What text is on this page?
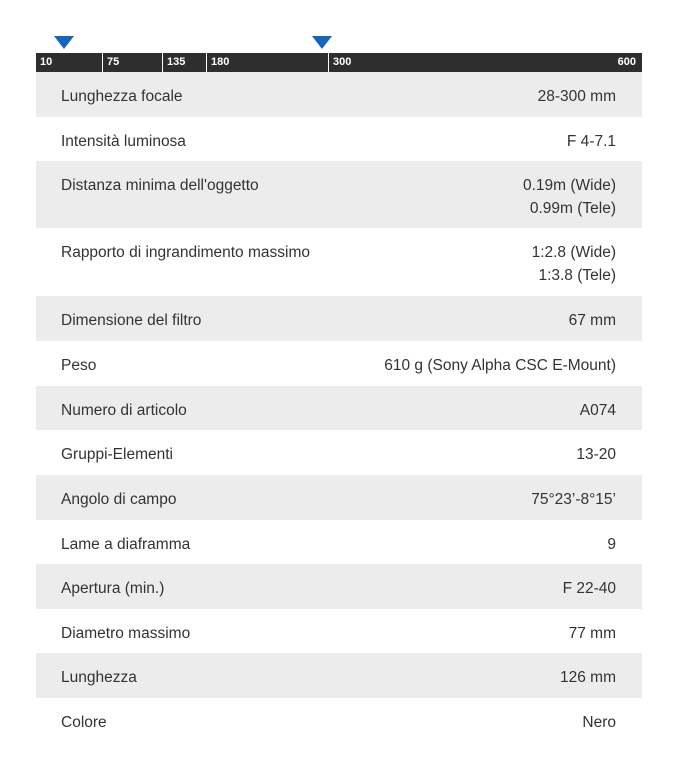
10	75	135	180	300	600
Lunghezza focale	28-300 mm
Intensità luminosa	F 4-7.1
Distanza minima dell'oggetto	0.19m (Wide)
0.99m (Tele)
Rapporto di ingrandimento massimo	1:2.8 (Wide)
1:3.8 (Tele)
Dimensione del filtro	67 mm
Peso	610 g (Sony Alpha CSC E-Mount)
Numero di articolo	A074
Gruppi-Elementi	13-20
Angolo di campo	75°23’-8°15’
Lame a diaframma	9
Apertura (min.)	F 22-40
Diametro massimo	77 mm
Lunghezza	126 mm
Colore	Nero
